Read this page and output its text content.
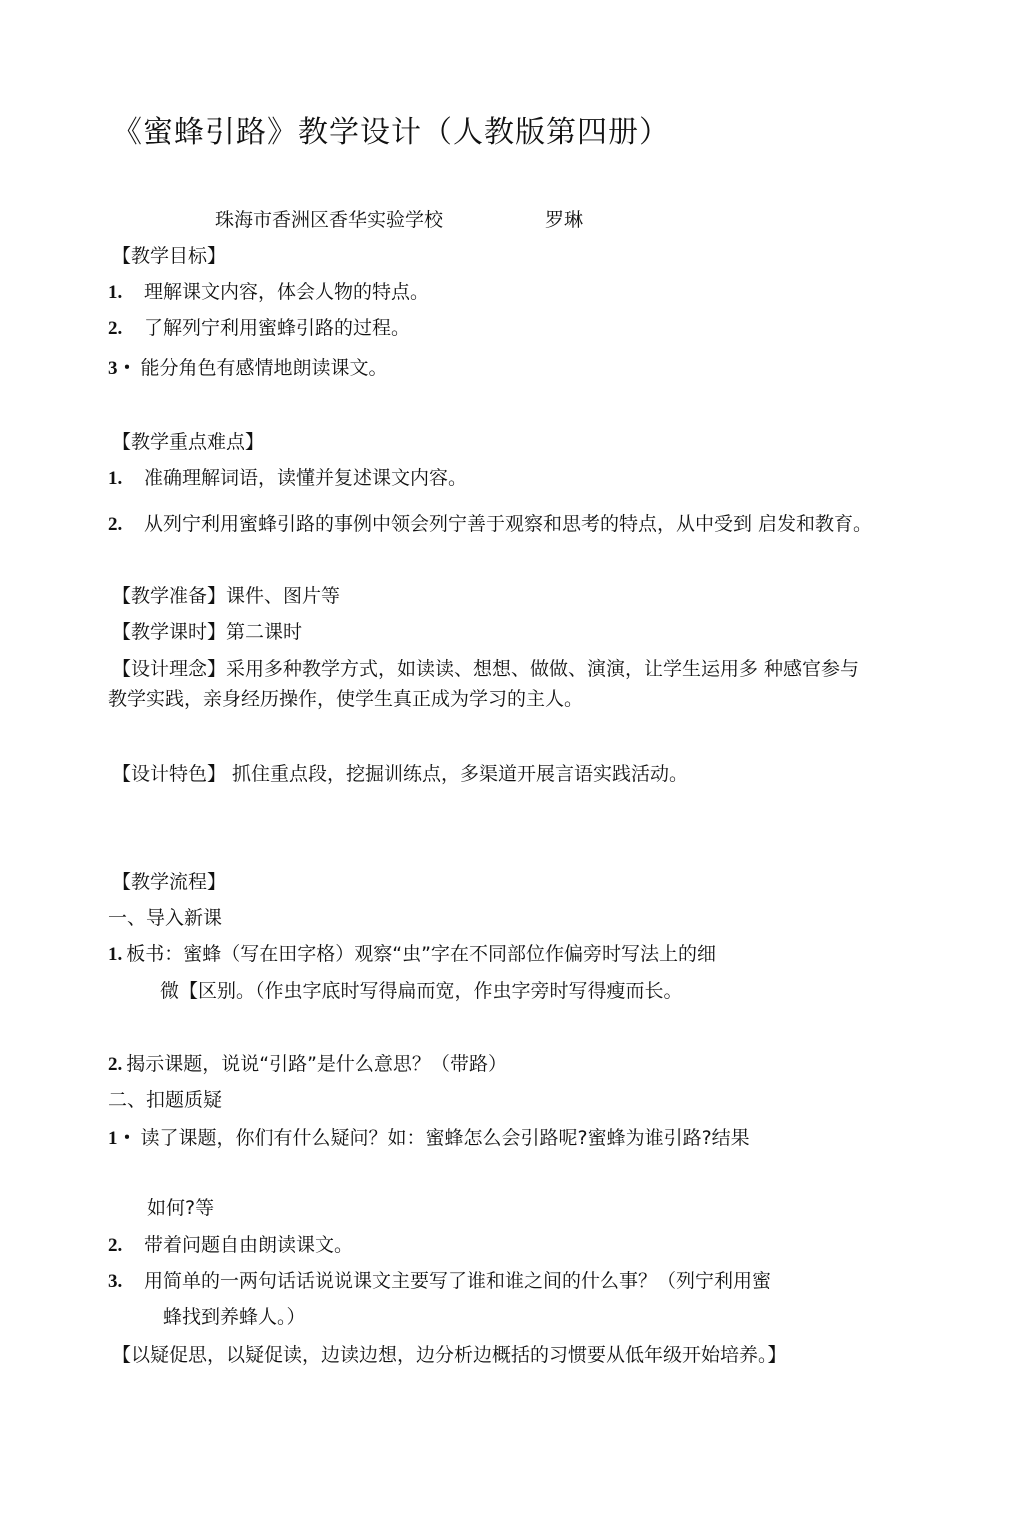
《蜜蜂引路》教学设计（人教版第四册）
珠海市香洲区香华实验学校	罗琳
【教学目标】
1. 理解课文内容，体会人物的特点。
2. 了解列宁利用蜜蜂引路的过程。
3・ 能分角色有感情地朗读课文。
【教学重点难点】
1. 准确理解词语，读懂并复述课文内容。
2. 从列宁利用蜜蜂引路的事例中领会列宁善于观察和思考的特点，从中受到 启发和教育。
【教学准备】课件、图片等
【教学课时】第二课时
【设计理念】采用多种教学方式，如读读、想想、做做、演演，让学生运用多 种感官参与
教学实践，亲身经历操作，使学生真正成为学习的主人。
【设计特色】 抓住重点段，挖掘训练点，多渠道开展言语实践活动。
【教学流程】
一、导入新课
1. 板书：蜜蜂（写在田字格）观察“虫”字在不同部位作偏旁时写法上的细
微【区别。（作虫字底时写得扁而宽，作虫字旁时写得瘦而长。
2. 揭示课题，说说“引路”是什么意思？（带路）
二、扣题质疑
1・ 读了课题，你们有什么疑问？如：蜜蜂怎么会引路呢?蜜蜂为谁引路?结果
如何?等
2. 带着问题自由朗读课文。
3. 用简单的一两句话话说说课文主要写了谁和谁之间的什么事？（列宁利用蜜
蜂找到养蜂人。）
【以疑促思，以疑促读，边读边想，边分析边概括的习惯要从低年级开始培养。】
